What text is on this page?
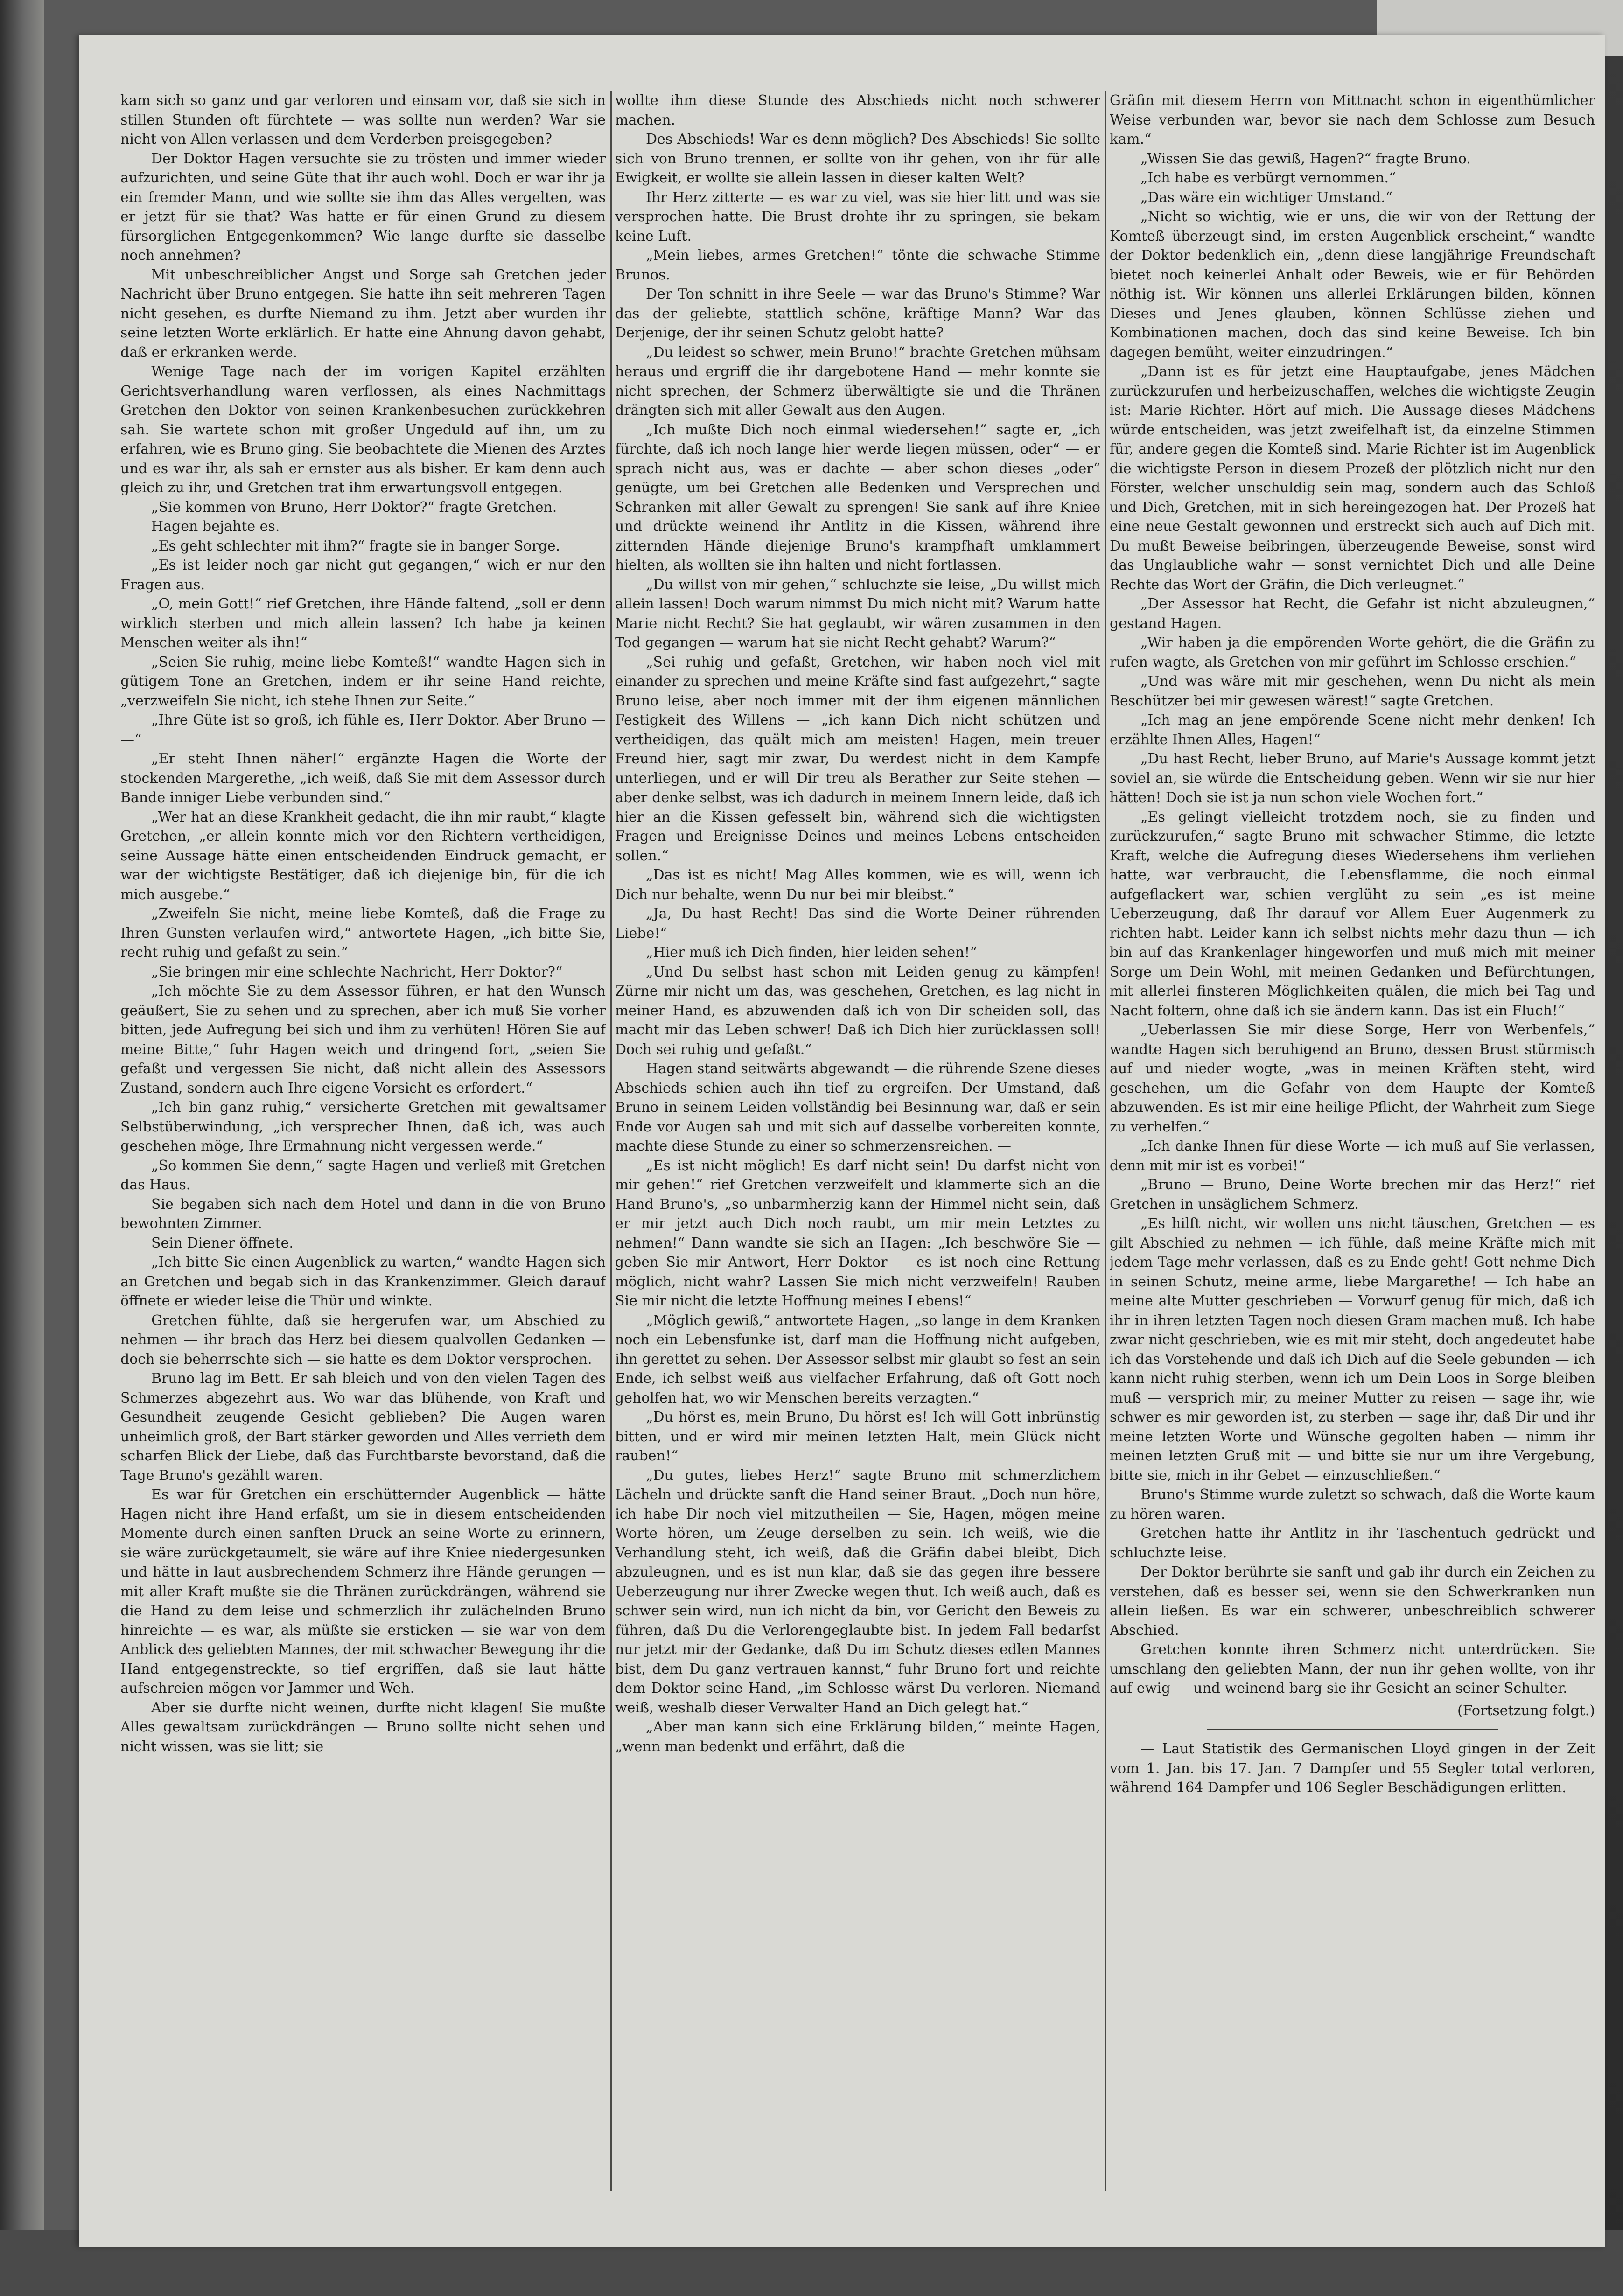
kam sich so ganz und gar verloren und einsam vor, daß sie sich in stillen Stunden oft fürchtete — was sollte nun werden? War sie nicht von Allen verlassen und dem Verderben preisgegeben?

Der Doktor Hagen versuchte sie zu trösten und immer wieder aufzurichten, und seine Güte that ihr auch wohl. Doch er war ihr ja ein fremder Mann, und wie sollte sie ihm das Alles vergelten, was er jetzt für sie that? Was hatte er für einen Grund zu diesem fürsorglichen Entgegenkommen? Wie lange durfte sie dasselbe noch annehmen?

Mit unbeschreiblicher Angst und Sorge sah Gretchen jeder Nachricht über Bruno entgegen. Sie hatte ihn seit mehreren Tagen nicht gesehen, es durfte Niemand zu ihm. Jetzt aber wurden ihr seine letzten Worte erklärlich. Er hatte eine Ahnung davon gehabt, daß er erkranken werde.

Wenige Tage nach der im vorigen Kapitel erzählten Gerichtsverhandlung waren verflossen, als eines Nachmittags Gretchen den Doktor von seinen Krankenbesuchen zurückkehren sah. Sie wartete schon mit großer Ungeduld auf ihn, um zu erfahren, wie es Bruno ging. Sie beobachtete die Mienen des Arztes und es war ihr, als sah er ernster aus als bisher. Er kam denn auch gleich zu ihr, und Gretchen trat ihm erwartungsvoll entgegen.

„Sie kommen von Bruno, Herr Doktor?“ fragte Gretchen.

Hagen bejahte es.

„Es geht schlechter mit ihm?“ fragte sie in banger Sorge.

„Es ist leider noch gar nicht gut gegangen,“ wich er nur den Fragen aus.

„O, mein Gott!“ rief Gretchen, ihre Hände faltend, „soll er denn wirklich sterben und mich allein lassen? Ich habe ja keinen Menschen weiter als ihn!“

„Seien Sie ruhig, meine liebe Komteß!“ wandte Hagen sich in gütigem Tone an Gretchen, indem er ihr seine Hand reichte, „verzweifeln Sie nicht, ich stehe Ihnen zur Seite.“

„Ihre Güte ist so groß, ich fühle es, Herr Doktor. Aber Bruno — —“

„Er steht Ihnen näher!“ ergänzte Hagen die Worte der stockenden Margerethe, „ich weiß, daß Sie mit dem Assessor durch Bande inniger Liebe verbunden sind.“

„Wer hat an diese Krankheit gedacht, die ihn mir raubt,“ klagte Gretchen, „er allein konnte mich vor den Richtern vertheidigen, seine Aussage hätte einen entscheidenden Eindruck gemacht, er war der wichtigste Bestätiger, daß ich diejenige bin, für die ich mich ausgebe.“

„Zweifeln Sie nicht, meine liebe Komteß, daß die Frage zu Ihren Gunsten verlaufen wird,“ antwortete Hagen, „ich bitte Sie, recht ruhig und gefaßt zu sein.“

„Sie bringen mir eine schlechte Nachricht, Herr Doktor?“

„Ich möchte Sie zu dem Assessor führen, er hat den Wunsch geäußert, Sie zu sehen und zu sprechen, aber ich muß Sie vorher bitten, jede Aufregung bei sich und ihm zu verhüten! Hören Sie auf meine Bitte,“ fuhr Hagen weich und dringend fort, „seien Sie gefaßt und vergessen Sie nicht, daß nicht allein des Assessors Zustand, sondern auch Ihre eigene Vorsicht es erfordert.“

„Ich bin ganz ruhig,“ versicherte Gretchen mit gewaltsamer Selbstüberwindung, „ich versprecher Ihnen, daß ich, was auch geschehen möge, Ihre Ermahnung nicht vergessen werde.“

„So kommen Sie denn,“ sagte Hagen und verließ mit Gretchen das Haus.

Sie begaben sich nach dem Hotel und dann in die von Bruno bewohnten Zimmer.

Sein Diener öffnete.

„Ich bitte Sie einen Augenblick zu warten,“ wandte Hagen sich an Gretchen und begab sich in das Krankenzimmer. Gleich darauf öffnete er wieder leise die Thür und winkte.

Gretchen fühlte, daß sie hergerufen war, um Abschied zu nehmen — ihr brach das Herz bei diesem qualvollen Gedanken — doch sie beherrschte sich — sie hatte es dem Doktor versprochen.

Bruno lag im Bett. Er sah bleich und von den vielen Tagen des Schmerzes abgezehrt aus. Wo war das blühende, von Kraft und Gesundheit zeugende Gesicht geblieben? Die Augen waren unheimlich groß, der Bart stärker geworden und Alles verrieth dem scharfen Blick der Liebe, daß das Furchtbarste bevorstand, daß die Tage Bruno's gezählt waren.

Es war für Gretchen ein erschütternder Augenblick — hätte Hagen nicht ihre Hand erfaßt, um sie in diesem entscheidenden Momente durch einen sanften Druck an seine Worte zu erinnern, sie wäre zurückgetaumelt, sie wäre auf ihre Kniee niedergesunken und hätte in laut ausbrechendem Schmerz ihre Hände gerungen — mit aller Kraft mußte sie die Thränen zurückdrängen, während sie die Hand zu dem leise und schmerzlich ihr zulächelnden Bruno hinreichte — es war, als müßte sie ersticken — sie war von dem Anblick des geliebten Mannes, der mit schwacher Bewegung ihr die Hand entgegenstreckte, so tief ergriffen, daß sie laut hätte aufschreien mögen vor Jammer und Weh. — —

Aber sie durfte nicht weinen, durfte nicht klagen! Sie mußte Alles gewaltsam zurückdrängen — Bruno sollte nicht sehen und nicht wissen, was sie litt; sie

wollte ihm diese Stunde des Abschieds nicht noch schwerer machen.

Des Abschieds! War es denn möglich? Des Abschieds! Sie sollte sich von Bruno trennen, er sollte von ihr gehen, von ihr für alle Ewigkeit, er wollte sie allein lassen in dieser kalten Welt?

Ihr Herz zitterte — es war zu viel, was sie hier litt und was sie versprochen hatte. Die Brust drohte ihr zu springen, sie bekam keine Luft.

„Mein liebes, armes Gretchen!“ tönte die schwache Stimme Brunos.

Der Ton schnitt in ihre Seele — war das Bruno's Stimme? War das der geliebte, stattlich schöne, kräftige Mann? War das Derjenige, der ihr seinen Schutz gelobt hatte?

„Du leidest so schwer, mein Bruno!“ brachte Gretchen mühsam heraus und ergriff die ihr dargebotene Hand — mehr konnte sie nicht sprechen, der Schmerz überwältigte sie und die Thränen drängten sich mit aller Gewalt aus den Augen.

„Ich mußte Dich noch einmal wiedersehen!“ sagte er, „ich fürchte, daß ich noch lange hier werde liegen müssen, oder“ — er sprach nicht aus, was er dachte — aber schon dieses „oder“ genügte, um bei Gretchen alle Bedenken und Versprechen und Schranken mit aller Gewalt zu sprengen! Sie sank auf ihre Kniee und drückte weinend ihr Antlitz in die Kissen, während ihre zitternden Hände diejenige Bruno's krampfhaft umklammert hielten, als wollten sie ihn halten und nicht fortlassen.

„Du willst von mir gehen,“ schluchzte sie leise, „Du willst mich allein lassen! Doch warum nimmst Du mich nicht mit? Warum hatte Marie nicht Recht? Sie hat geglaubt, wir wären zusammen in den Tod gegangen — warum hat sie nicht Recht gehabt? Warum?“

„Sei ruhig und gefaßt, Gretchen, wir haben noch viel mit einander zu sprechen und meine Kräfte sind fast aufgezehrt,“ sagte Bruno leise, aber noch immer mit der ihm eigenen männlichen Festigkeit des Willens — „ich kann Dich nicht schützen und vertheidigen, das quält mich am meisten! Hagen, mein treuer Freund hier, sagt mir zwar, Du werdest nicht in dem Kampfe unterliegen, und er will Dir treu als Berather zur Seite stehen — aber denke selbst, was ich dadurch in meinem Innern leide, daß ich hier an die Kissen gefesselt bin, während sich die wichtigsten Fragen und Ereignisse Deines und meines Lebens entscheiden sollen.“

„Das ist es nicht! Mag Alles kommen, wie es will, wenn ich Dich nur behalte, wenn Du nur bei mir bleibst.“

„Ja, Du hast Recht! Das sind die Worte Deiner rührenden Liebe!“

„Hier muß ich Dich finden, hier leiden sehen!“

„Und Du selbst hast schon mit Leiden genug zu kämpfen! Zürne mir nicht um das, was geschehen, Gretchen, es lag nicht in meiner Hand, es abzuwenden daß ich von Dir scheiden soll, das macht mir das Leben schwer! Daß ich Dich hier zurücklassen soll! Doch sei ruhig und gefaßt.“

Hagen stand seitwärts abgewandt — die rührende Szene dieses Abschieds schien auch ihn tief zu ergreifen. Der Umstand, daß Bruno in seinem Leiden vollständig bei Besinnung war, daß er sein Ende vor Augen sah und mit sich auf dasselbe vorbereiten konnte, machte diese Stunde zu einer so schmerzensreichen. —

„Es ist nicht möglich! Es darf nicht sein! Du darfst nicht von mir gehen!“ rief Gretchen verzweifelt und klammerte sich an die Hand Bruno's, „so unbarmherzig kann der Himmel nicht sein, daß er mir jetzt auch Dich noch raubt, um mir mein Letztes zu nehmen!“ Dann wandte sie sich an Hagen: „Ich beschwöre Sie — geben Sie mir Antwort, Herr Doktor — es ist noch eine Rettung möglich, nicht wahr? Lassen Sie mich nicht verzweifeln! Rauben Sie mir nicht die letzte Hoffnung meines Lebens!“

„Möglich gewiß,“ antwortete Hagen, „so lange in dem Kranken noch ein Lebensfunke ist, darf man die Hoffnung nicht aufgeben, ihn gerettet zu sehen. Der Assessor selbst mir glaubt so fest an sein Ende, ich selbst weiß aus vielfacher Erfahrung, daß oft Gott noch geholfen hat, wo wir Menschen bereits verzagten.“

„Du hörst es, mein Bruno, Du hörst es! Ich will Gott inbrünstig bitten, und er wird mir meinen letzten Halt, mein Glück nicht rauben!“

„Du gutes, liebes Herz!“ sagte Bruno mit schmerzlichem Lächeln und drückte sanft die Hand seiner Braut. „Doch nun höre, ich habe Dir noch viel mitzutheilen — Sie, Hagen, mögen meine Worte hören, um Zeuge derselben zu sein. Ich weiß, wie die Verhandlung steht, ich weiß, daß die Gräfin dabei bleibt, Dich abzuleugnen, und es ist nun klar, daß sie das gegen ihre bessere Ueberzeugung nur ihrer Zwecke wegen thut. Ich weiß auch, daß es schwer sein wird, nun ich nicht da bin, vor Gericht den Beweis zu führen, daß Du die Verlorengeglaubte bist. In jedem Fall bedarfst nur jetzt mir der Gedanke, daß Du im Schutz dieses edlen Mannes bist, dem Du ganz vertrauen kannst,“ fuhr Bruno fort und reichte dem Doktor seine Hand, „im Schlosse wärst Du verloren. Niemand weiß, weshalb dieser Verwalter Hand an Dich gelegt hat.“

„Aber man kann sich eine Erklärung bilden,“ meinte Hagen, „wenn man bedenkt und erfährt, daß die

Gräfin mit diesem Herrn von Mittnacht schon in eigenthümlicher Weise verbunden war, bevor sie nach dem Schlosse zum Besuch kam.“

„Wissen Sie das gewiß, Hagen?“ fragte Bruno.

„Ich habe es verbürgt vernommen.“

„Das wäre ein wichtiger Umstand.“

„Nicht so wichtig, wie er uns, die wir von der Rettung der Komteß überzeugt sind, im ersten Augenblick erscheint,“ wandte der Doktor bedenklich ein, „denn diese langjährige Freundschaft bietet noch keinerlei Anhalt oder Beweis, wie er für Behörden nöthig ist. Wir können uns allerlei Erklärungen bilden, können Dieses und Jenes glauben, können Schlüsse ziehen und Kombinationen machen, doch das sind keine Beweise. Ich bin dagegen bemüht, weiter einzudringen.“

„Dann ist es für jetzt eine Hauptaufgabe, jenes Mädchen zurückzurufen und herbeizuschaffen, welches die wichtigste Zeugin ist: Marie Richter. Hört auf mich. Die Aussage dieses Mädchens würde entscheiden, was jetzt zweifelhaft ist, da einzelne Stimmen für, andere gegen die Komteß sind. Marie Richter ist im Augenblick die wichtigste Person in diesem Prozeß der plötzlich nicht nur den Förster, welcher unschuldig sein mag, sondern auch das Schloß und Dich, Gretchen, mit in sich hereingezogen hat. Der Prozeß hat eine neue Gestalt gewonnen und erstreckt sich auch auf Dich mit. Du mußt Beweise beibringen, überzeugende Beweise, sonst wird das Unglaubliche wahr — sonst vernichtet Dich und alle Deine Rechte das Wort der Gräfin, die Dich verleugnet.“

„Der Assessor hat Recht, die Gefahr ist nicht abzuleugnen,“ gestand Hagen.

„Wir haben ja die empörenden Worte gehört, die die Gräfin zu rufen wagte, als Gretchen von mir geführt im Schlosse erschien.“

„Und was wäre mit mir geschehen, wenn Du nicht als mein Beschützer bei mir gewesen wärest!“ sagte Gretchen.

„Ich mag an jene empörende Scene nicht mehr denken! Ich erzählte Ihnen Alles, Hagen!“

„Du hast Recht, lieber Bruno, auf Marie's Aussage kommt jetzt soviel an, sie würde die Entscheidung geben. Wenn wir sie nur hier hätten! Doch sie ist ja nun schon viele Wochen fort.“

„Es gelingt vielleicht trotzdem noch, sie zu finden und zurückzurufen,“ sagte Bruno mit schwacher Stimme, die letzte Kraft, welche die Aufregung dieses Wiedersehens ihm verliehen hatte, war verbraucht, die Lebensflamme, die noch einmal aufgeflackert war, schien verglüht zu sein „es ist meine Ueberzeugung, daß Ihr darauf vor Allem Euer Augenmerk zu richten habt. Leider kann ich selbst nichts mehr dazu thun — ich bin auf das Krankenlager hingeworfen und muß mich mit meiner Sorge um Dein Wohl, mit meinen Gedanken und Befürchtungen, mit allerlei finsteren Möglichkeiten quälen, die mich bei Tag und Nacht foltern, ohne daß ich sie ändern kann. Das ist ein Fluch!“

„Ueberlassen Sie mir diese Sorge, Herr von Werbenfels,“ wandte Hagen sich beruhigend an Bruno, dessen Brust stürmisch auf und nieder wogte, „was in meinen Kräften steht, wird geschehen, um die Gefahr von dem Haupte der Komteß abzuwenden. Es ist mir eine heilige Pflicht, der Wahrheit zum Siege zu verhelfen.“

„Ich danke Ihnen für diese Worte — ich muß auf Sie verlassen, denn mit mir ist es vorbei!“

„Bruno — Bruno, Deine Worte brechen mir das Herz!“ rief Gretchen in unsäglichem Schmerz.

„Es hilft nicht, wir wollen uns nicht täuschen, Gretchen — es gilt Abschied zu nehmen — ich fühle, daß meine Kräfte mich mit jedem Tage mehr verlassen, daß es zu Ende geht! Gott nehme Dich in seinen Schutz, meine arme, liebe Margarethe! — Ich habe an meine alte Mutter geschrieben — Vorwurf genug für mich, daß ich ihr in ihren letzten Tagen noch diesen Gram machen muß. Ich habe zwar nicht geschrieben, wie es mit mir steht, doch angedeutet habe ich das Vorstehende und daß ich Dich auf die Seele gebunden — ich kann nicht ruhig sterben, wenn ich um Dein Loos in Sorge bleiben muß — versprich mir, zu meiner Mutter zu reisen — sage ihr, wie schwer es mir geworden ist, zu sterben — sage ihr, daß Dir und ihr meine letzten Worte und Wünsche gegolten haben — nimm ihr meinen letzten Gruß mit — und bitte sie nur um ihre Vergebung, bitte sie, mich in ihr Gebet — einzuschließen.“

Bruno's Stimme wurde zuletzt so schwach, daß die Worte kaum zu hören waren.

Gretchen hatte ihr Antlitz in ihr Taschentuch gedrückt und schluchzte leise.

Der Doktor berührte sie sanft und gab ihr durch ein Zeichen zu verstehen, daß es besser sei, wenn sie den Schwerkranken nun allein ließen. Es war ein schwerer, unbeschreiblich schwerer Abschied.

Gretchen konnte ihren Schmerz nicht unterdrücken. Sie umschlang den geliebten Mann, der nun ihr gehen wollte, von ihr auf ewig — und weinend barg sie ihr Gesicht an seiner Schulter.

(Fortsetzung folgt.)

— Laut Statistik des Germanischen Lloyd gingen in der Zeit vom 1. Jan. bis 17. Jan. 7 Dampfer und 55 Segler total verloren, während 164 Dampfer und 106 Segler Beschädigungen erlitten.
